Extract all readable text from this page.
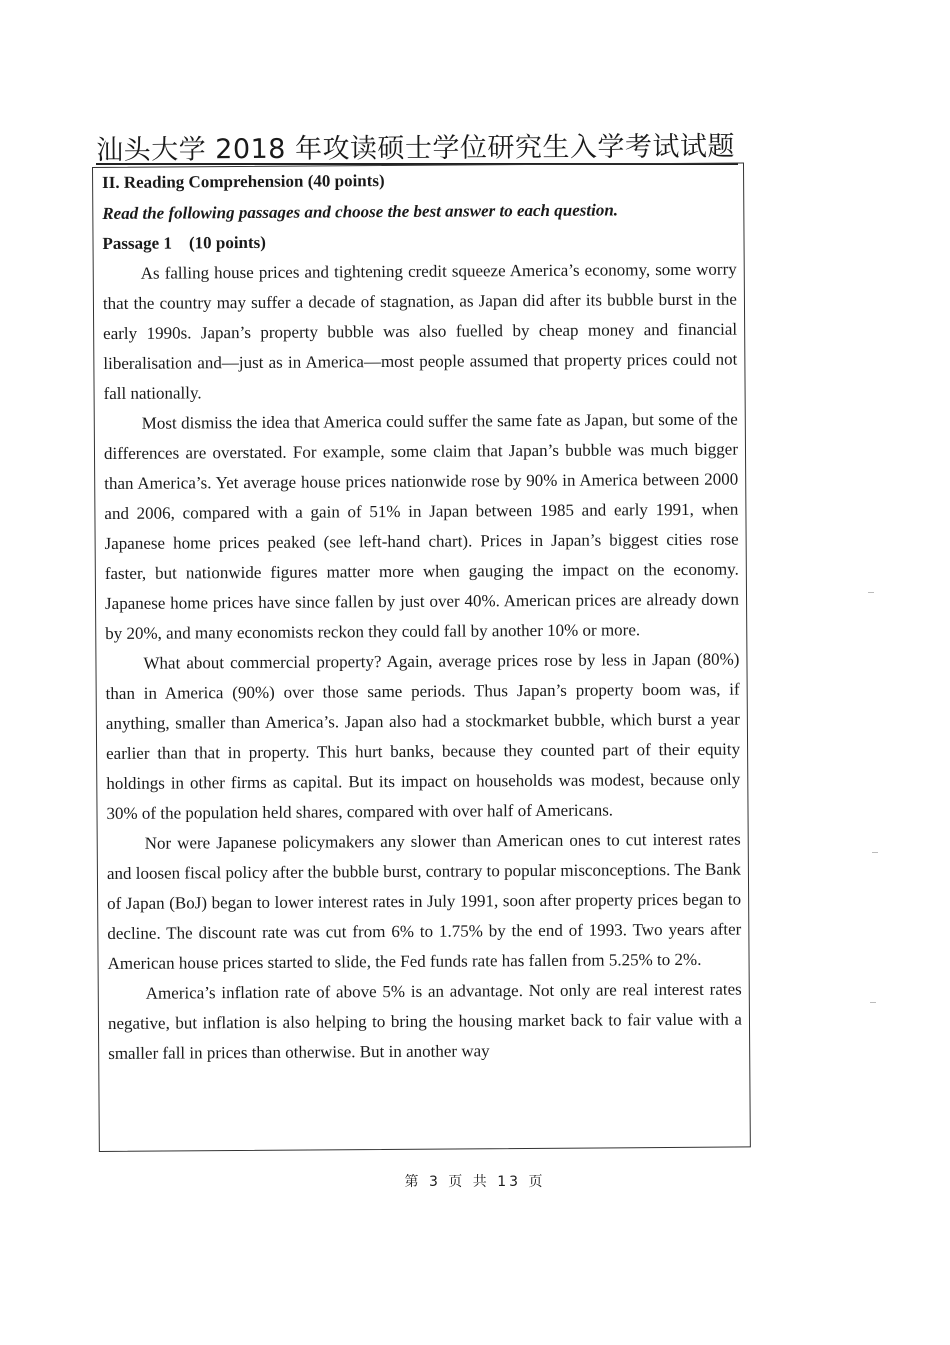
汕头大学 2018 年攻读硕士学位研究生入学考试试题
II. Reading Comprehension (40 points)
Read the following passages and choose the best answer to each question.
Passage 1    (10 points)

As falling house prices and tightening credit squeeze America’s economy, some worry that the country may suffer a decade of stagnation, as Japan did after its bubble burst in the early 1990s. Japan’s property bubble was also fuelled by cheap money and financial liberalisation and—just as in America—most people assumed that property prices could not fall nationally.

Most dismiss the idea that America could suffer the same fate as Japan, but some of the differences are overstated. For example, some claim that Japan’s bubble was much bigger than America’s. Yet average house prices nationwide rose by 90% in America between 2000 and 2006, compared with a gain of 51% in Japan between 1985 and early 1991, when Japanese home prices peaked (see left-hand chart). Prices in Japan’s biggest cities rose faster, but nationwide figures matter more when gauging the impact on the economy. Japanese home prices have since fallen by just over 40%. American prices are already down by 20%, and many economists reckon they could fall by another 10% or more.

What about commercial property? Again, average prices rose by less in Japan (80%) than in America (90%) over those same periods. Thus Japan’s property boom was, if anything, smaller than America’s. Japan also had a stockmarket bubble, which burst a year earlier than that in property. This hurt banks, because they counted part of their equity holdings in other firms as capital. But its impact on households was modest, because only 30% of the population held shares, compared with over half of Americans.

Nor were Japanese policymakers any slower than American ones to cut interest rates and loosen fiscal policy after the bubble burst, contrary to popular misconceptions. The Bank of Japan (BoJ) began to lower interest rates in July 1991, soon after property prices began to decline. The discount rate was cut from 6% to 1.75% by the end of 1993. Two years after American house prices started to slide, the Fed funds rate has fallen from 5.25% to 2%.

America’s inflation rate of above 5% is an advantage. Not only are real interest rates negative, but inflation is also helping to bring the housing market back to fair value with a smaller fall in prices than otherwise. But in another way

第 3 页 共 13 页
